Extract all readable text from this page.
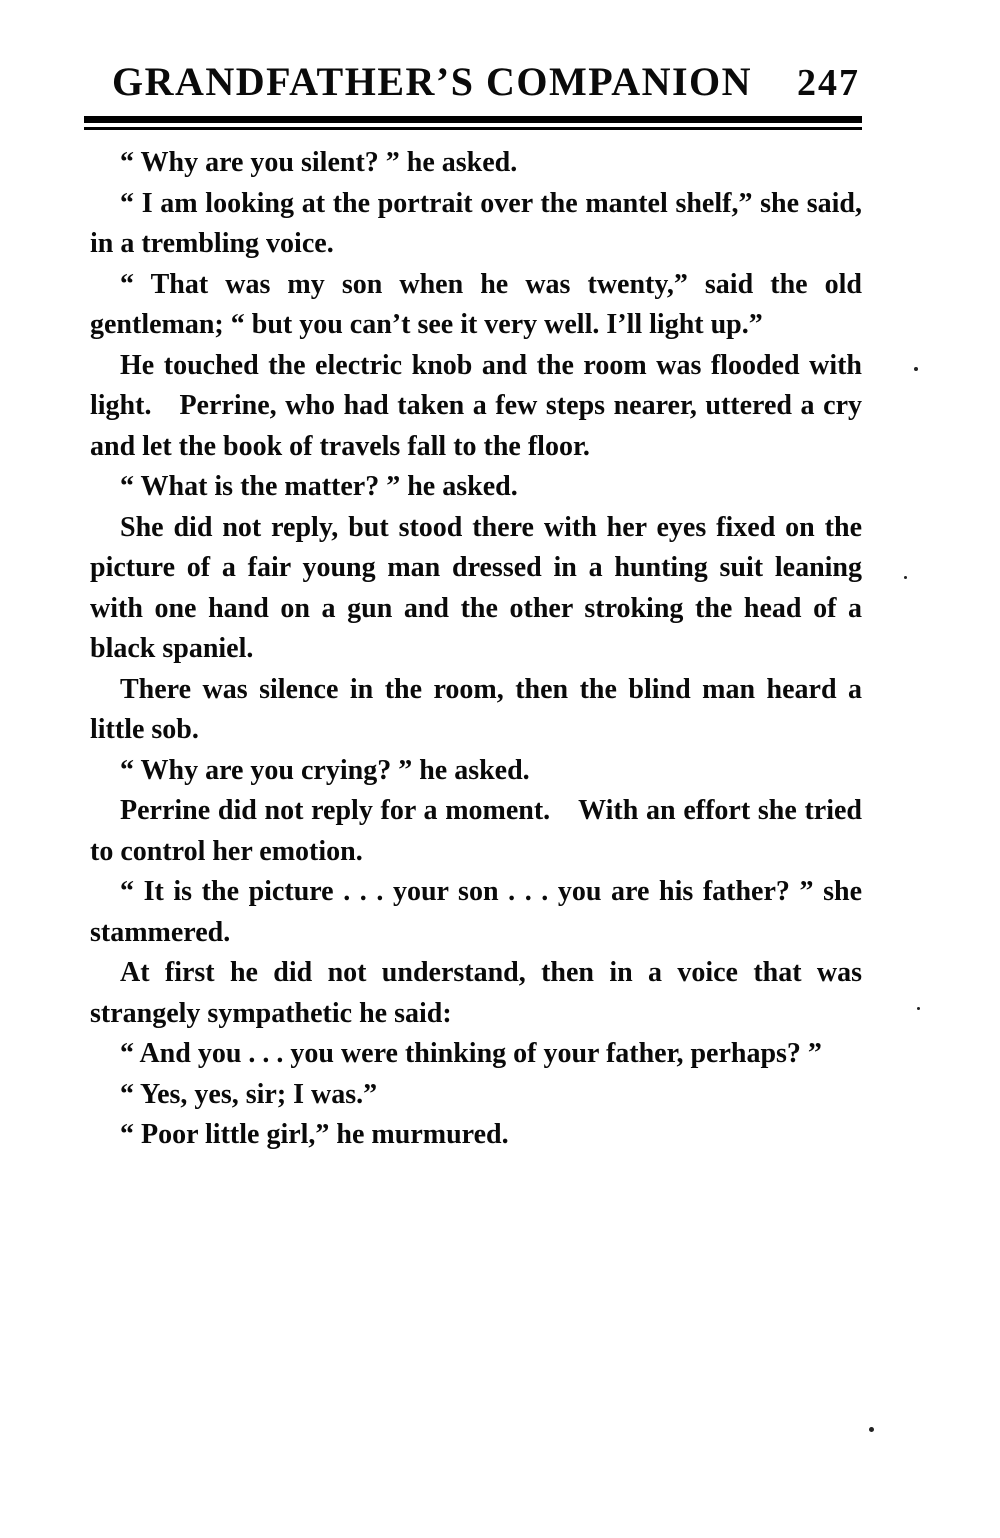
GRANDFATHER’S COMPANION 247

“ Why are you silent? ” he asked.

“ I am looking at the portrait over the mantel shelf,” she said, in a trembling voice.

“ That was my son when he was twenty,” said the old gentleman; “ but you can’t see it very well. I’ll light up.”

He touched the electric knob and the room was flooded with light. Perrine, who had taken a few steps nearer, uttered a cry and let the book of travels fall to the floor.

“ What is the matter? ” he asked.

She did not reply, but stood there with her eyes fixed on the picture of a fair young man dressed in a hunting suit leaning with one hand on a gun and the other stroking the head of a black spaniel.

There was silence in the room, then the blind man heard a little sob.

“ Why are you crying? ” he asked.

Perrine did not reply for a moment. With an effort she tried to control her emotion.

“ It is the picture . . . your son . . . you are his father? ” she stammered.

At first he did not understand, then in a voice that was strangely sympathetic he said:

“ And you . . . you were thinking of your father, perhaps? ”

“ Yes, yes, sir; I was.”

“ Poor little girl,” he murmured.
